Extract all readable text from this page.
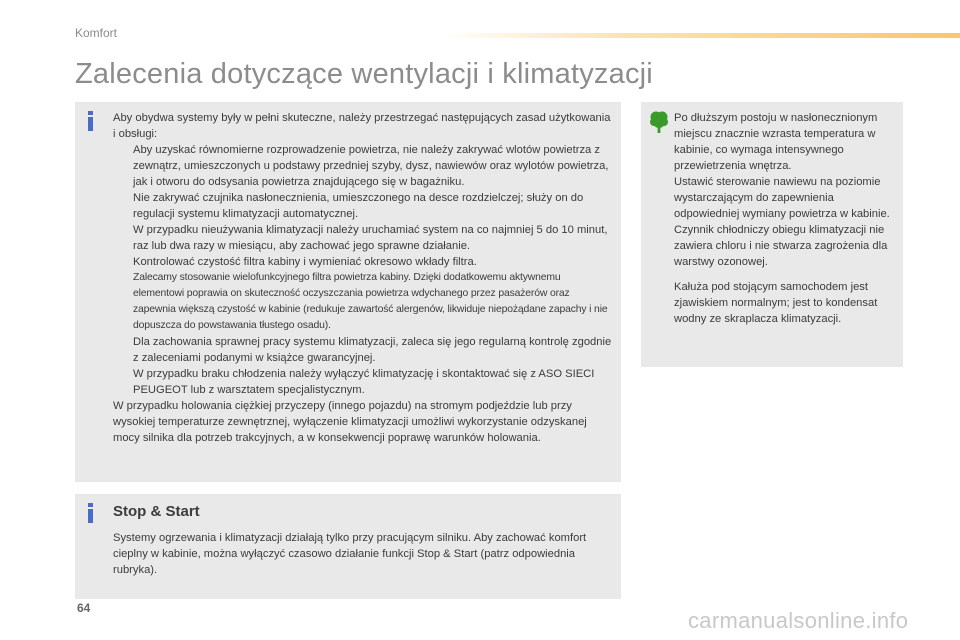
Komfort
Zalecenia dotyczące wentylacji i klimatyzacji

Aby obydwa systemy były w pełni skuteczne, należy przestrzegać następujących zasad użytkowania i obsługi:

Aby uzyskać równomierne rozprowadzenie powietrza, nie należy zakrywać wlotów powietrza z zewnątrz, umieszczonych u podstawy przedniej szyby, dysz, nawiewów oraz wylotów powietrza, jak i otworu do odsysania powietrza znajdującego się w bagażniku.
Nie zakrywać czujnika nasłonecznienia, umieszczonego na desce rozdzielczej; służy on do regulacji systemu klimatyzacji automatycznej.
W przypadku nieużywania klimatyzacji należy uruchamiać system na co najmniej 5 do 10 minut, raz lub dwa razy w miesiącu, aby zachować jego sprawne działanie.
Kontrolować czystość filtra kabiny i wymieniać okresowo wkłady filtra.
Zalecamy stosowanie wielofunkcyjnego filtra powietrza kabiny. Dzięki dodatkowemu aktywnemu elementowi poprawia on skuteczność oczyszczania powietrza wdychanego przez pasażerów oraz zapewnia większą czystość w kabinie (redukuje zawartość alergenów, likwiduje niepożądane zapachy i nie dopuszcza do powstawania tłustego osadu).
Dla zachowania sprawnej pracy systemu klimatyzacji, zaleca się jego regularną kontrolę zgodnie z zaleceniami podanymi w książce gwarancyjnej.
W przypadku braku chłodzenia należy wyłączyć klimatyzację i skontaktować się z ASO SIECI PEUGEOT lub z warsztatem specjalistycznym.

W przypadku holowania ciężkiej przyczepy (innego pojazdu) na stromym podjeździe lub przy wysokiej temperaturze zewnętrznej, wyłączenie klimatyzacji umożliwi wykorzystanie odzyskanej mocy silnika dla potrzeb trakcyjnych, a w konsekwencji poprawę warunków holowania.

Stop & Start

Systemy ogrzewania i klimatyzacji działają tylko przy pracującym silniku. Aby zachować komfort cieplny w kabinie, można wyłączyć czasowo działanie funkcji Stop & Start (patrz odpowiednia rubryka).

Po dłuższym postoju w nasłonecznionym miejscu znacznie wzrasta temperatura w kabinie, co wymaga intensywnego przewietrzenia wnętrza.
Ustawić sterowanie nawiewu na poziomie wystarczającym do zapewnienia odpowiedniej wymiany powietrza w kabinie.
Czynnik chłodniczy obiegu klimatyzacji nie zawiera chloru i nie stwarza zagrożenia dla warstwy ozonowej.

Kałuża pod stojącym samochodem jest zjawiskiem normalnym; jest to kondensat wodny ze skraplacza klimatyzacji.

64	carmanualsonline.info
